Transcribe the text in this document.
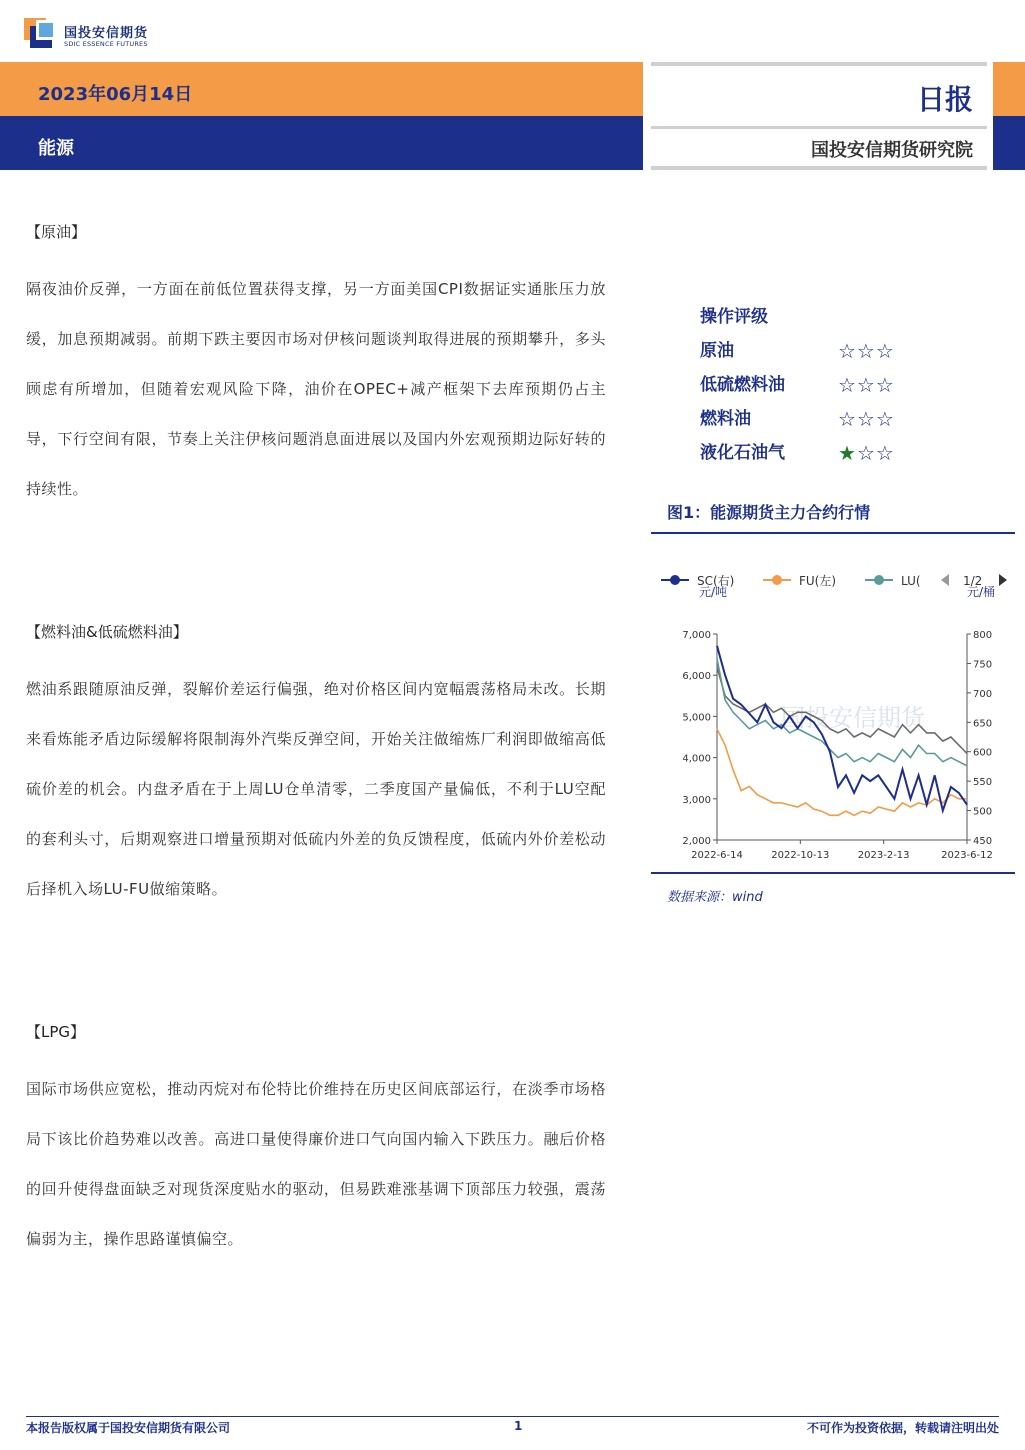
国投安信期货
SDIC ESSENCE FUTURES
2023年06月14日
能源
日报
国投安信期货研究院
【原油】

隔夜油价反弹，一方面在前低位置获得支撑，另一方面美国CPI数据证实通胀压力放缓，加息预期减弱。前期下跌主要因市场对伊核问题谈判取得进展的预期攀升，多头顾虑有所增加，但随着宏观风险下降，油价在OPEC+减产框架下去库预期仍占主导，下行空间有限，节奏上关注伊核问题消息面进展以及国内外宏观预期边际好转的持续性。

【燃料油&低硫燃料油】

燃油系跟随原油反弹，裂解价差运行偏强，绝对价格区间内宽幅震荡格局未改。长期来看炼能矛盾边际缓解将限制海外汽柴反弹空间，开始关注做缩炼厂利润即做缩高低硫价差的机会。内盘矛盾在于上周LU仓单清零，二季度国产量偏低，不利于LU空配的套利头寸，后期观察进口增量预期对低硫内外差的负反馈程度，低硫内外价差松动后择机入场LU-FU做缩策略。

【LPG】

国际市场供应宽松，推动丙烷对布伦特比价维持在历史区间底部运行，在淡季市场格局下该比价趋势难以改善。高进口量使得廉价进口气向国内输入下跌压力。融后价格的回升使得盘面缺乏对现货深度贴水的驱动，但易跌难涨基调下顶部压力较强，震荡偏弱为主，操作思路谨慎偏空。

操作评级
原油	☆☆☆
低硫燃料油	☆☆☆
燃料油	☆☆☆
液化石油气	★☆☆
图1：能源期货主力合约行情
SC(右)	FU(左)	LU(	1/2
元/吨	元/桶
国投安信期货
2,000
3,000
4,000
5,000
6,000
7,000
450
500
550
600
650
700
750
800
2022-6-14	2022-10-13	2023-2-13	2023-6-12
数据来源：wind
本报告版权属于国投安信期货有限公司	1	不可作为投资依据，转载请注明出处
